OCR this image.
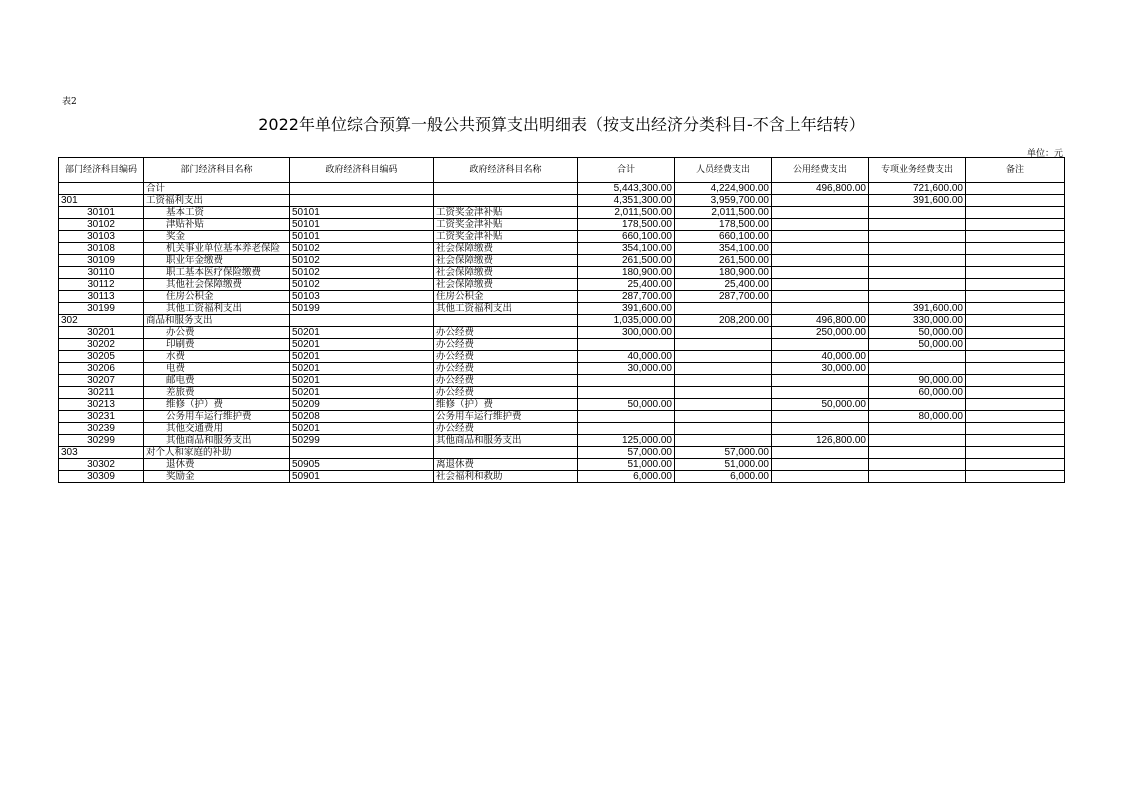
表2
2022年单位综合预算一般公共预算支出明细表（按支出经济分类科目-不含上年结转）
单位：元
部门经济科目编码	部门经济科目名称	政府经济科目编码	政府经济科目名称	合计	人员经费支出	公用经费支出	专项业务经费支出	备注
	合计			5,443,300.00	4,224,900.00	496,800.00	721,600.00	
301	工资福利支出			4,351,300.00	3,959,700.00		391,600.00	
30101	基本工资	50101	工资奖金津补贴	2,011,500.00	2,011,500.00			
30102	津贴补贴	50101	工资奖金津补贴	178,500.00	178,500.00			
30103	奖金	50101	工资奖金津补贴	660,100.00	660,100.00			
30108	机关事业单位基本养老保险	50102	社会保障缴费	354,100.00	354,100.00			
30109	职业年金缴费	50102	社会保障缴费	261,500.00	261,500.00			
30110	职工基本医疗保险缴费	50102	社会保障缴费	180,900.00	180,900.00			
30112	其他社会保障缴费	50102	社会保障缴费	25,400.00	25,400.00			
30113	住房公积金	50103	住房公积金	287,700.00	287,700.00			
30199	其他工资福利支出	50199	其他工资福利支出	391,600.00			391,600.00	
302	商品和服务支出			1,035,000.00	208,200.00	496,800.00	330,000.00	
30201	办公费	50201	办公经费	300,000.00		250,000.00	50,000.00	
30202	印刷费	50201	办公经费				50,000.00	
30205	水费	50201	办公经费	40,000.00		40,000.00		
30206	电费	50201	办公经费	30,000.00		30,000.00		
30207	邮电费	50201	办公经费				90,000.00	
30211	差旅费	50201	办公经费				60,000.00	
30213	维修（护）费	50209	维修（护）费	50,000.00		50,000.00		
30231	公务用车运行维护费	50208	公务用车运行维护费				80,000.00	
30239	其他交通费用	50201	办公经费					
30299	其他商品和服务支出	50299	其他商品和服务支出	125,000.00		126,800.00		
303	对个人和家庭的补助			57,000.00	57,000.00			
30302	退休费	50905	离退休费	51,000.00	51,000.00			
30309	奖励金	50901	社会福利和救助	6,000.00	6,000.00			
